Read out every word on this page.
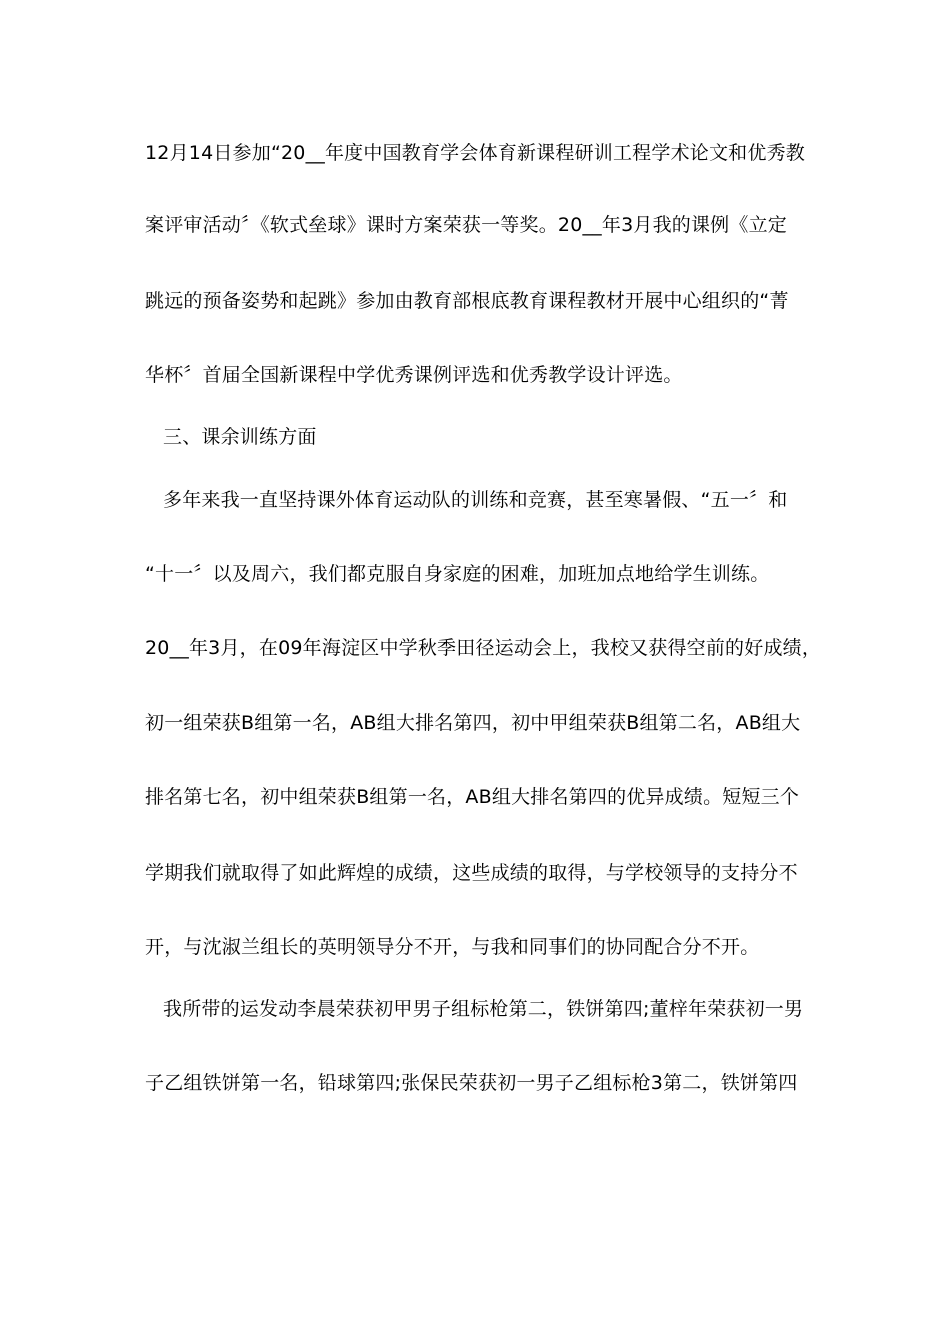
12月14日参加“20__年度中国教育学会体育新课程研训工程学术论文和优秀教
案评审活动〞《软式垒球》课时方案荣获一等奖。20__年3月我的课例《立定
跳远的预备姿势和起跳》参加由教育部根底教育课程教材开展中心组织的“菁
华杯〞首届全国新课程中学优秀课例评选和优秀教学设计评选。
三、课余训练方面
多年来我一直坚持课外体育运动队的训练和竞赛，甚至寒暑假、“五一〞和
“十一〞以及周六，我们都克服自身家庭的困难，加班加点地给学生训练。
20__年3月，在09年海淀区中学秋季田径运动会上，我校又获得空前的好成绩，
初一组荣获B组第一名，AB组大排名第四，初中甲组荣获B组第二名，AB组大
排名第七名，初中组荣获B组第一名，AB组大排名第四的优异成绩。短短三个
学期我们就取得了如此辉煌的成绩，这些成绩的取得，与学校领导的支持分不
开，与沈淑兰组长的英明领导分不开，与我和同事们的协同配合分不开。
我所带的运发动李晨荣获初甲男子组标枪第二，铁饼第四;董梓年荣获初一男
子乙组铁饼第一名，铅球第四;张保民荣获初一男子乙组标枪3第二，铁饼第四
